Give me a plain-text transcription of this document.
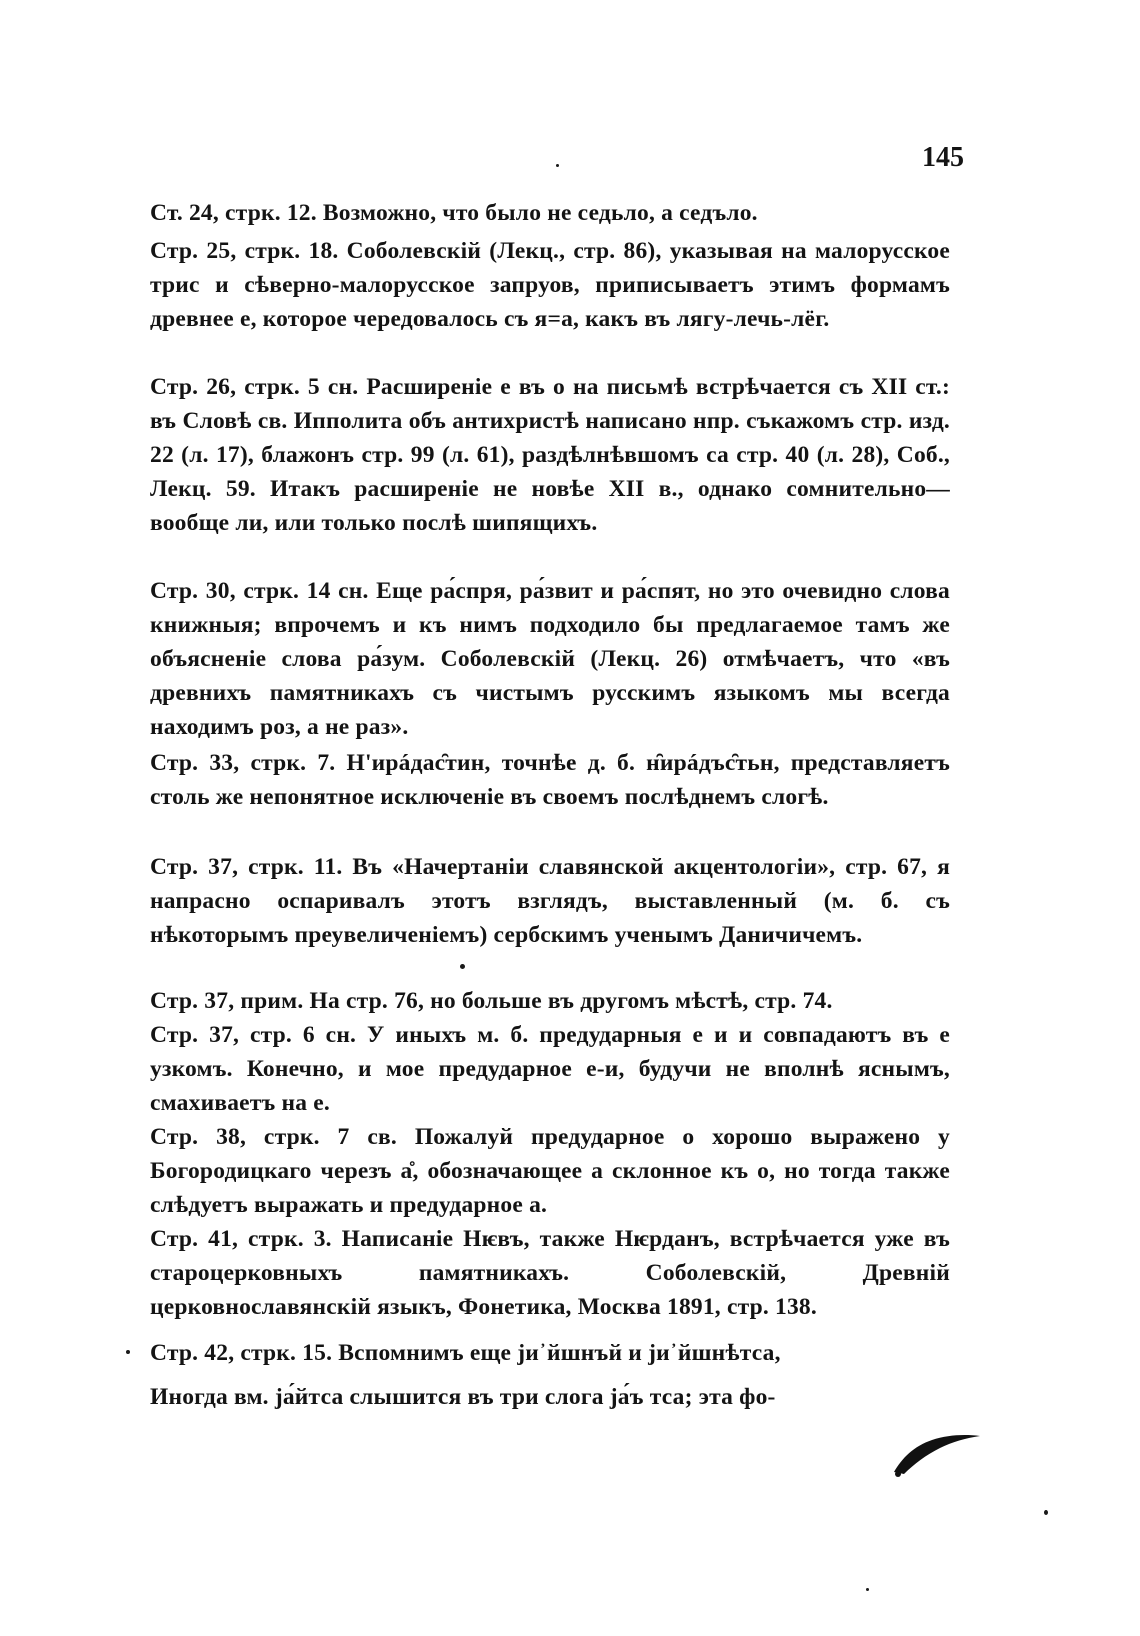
145
Ст. 24, стрк. 12. Возможно, что было не седьло, а седъло.
Стр. 25, стрк. 18. Соболевскій (Лекц., стр. 86), указывая на малорусское трис и сѣверно-малорусское запруов, приписываетъ этимъ формамъ древнее е, которое чередовалось съ я=а, какъ въ лягу-лечь-лёг.
Стр. 26, стрк. 5 сн. Расширеніе е въ о на письмѣ встрѣчается съ XII ст.: въ Словѣ св. Ипполита объ антихристѣ написано нпр. съкажомъ стр. изд. 22 (л. 17), блажонъ стр. 99 (л. 61), раздѣлнѣвшомъ са стр. 40 (л. 28), Соб., Лекц. 59. Итакъ расширеніе не новѣе XII в., однако сомнительно—вообще ли, или только послѣ шипящихъ.
Стр. 30, стрк. 14 сн. Еще ра́спря, ра́звит и ра́спят, но это очевидно слова книжныя; впрочемъ и къ нимъ подходило бы предлагаемое тамъ же объясненіе слова ра́зум. Соболевскій (Лекц. 26) отмѣчаетъ, что «въ древнихъ памятникахъ съ чистымъ русскимъ языкомъ мы всегда находимъ роз, а не раз».
Стр. 33, стрк. 7. Н'ирáдас̑тин, точнѣе д. б. н̑ирáдъс̑тьн, представляетъ столь же непонятное исключеніе въ своемъ послѣднемъ слогѣ.
Стр. 37, стрк. 11. Въ «Начертаніи славянской акцентологіи», стр. 67, я напрасно оспаривалъ этотъ взглядъ, выставленный (м. б. съ нѣкоторымъ преувеличеніемъ) сербскимъ ученымъ Даничичемъ.
Стр. 37, прим. На стр. 76, но больше въ другомъ мѣстѣ, стр. 74.
Стр. 37, стр. 6 сн. У иныхъ м. б. предударныя е и и совпадаютъ въ е узкомъ. Конечно, и мое предударное е-и, будучи не вполнѣ яснымъ, смахиваетъ на е.
Стр. 38, стрк. 7 св. Пожалуй предударное о хорошо выражено у Богородицкаго черезъ а̊, обозначающее а склонное къ о, но тогда также слѣдуетъ выражать и предударное а.
Стр. 41, стрк. 3. Написаніе Нѥвъ, также Нѥрданъ, встрѣчается уже въ староцерковныхъ памятникахъ. Соболевскій, Древній церковнославянскій языкъ, Фонетика, Москва 1891, стр. 138.
Стр. 42, стрк. 15. Вспомнимъ еще ји᾽йшнъй и ји᾽йшнѣтса,
Иногда вм. ја́йтса слышится въ три слога ја́ъ тса; эта фо-
